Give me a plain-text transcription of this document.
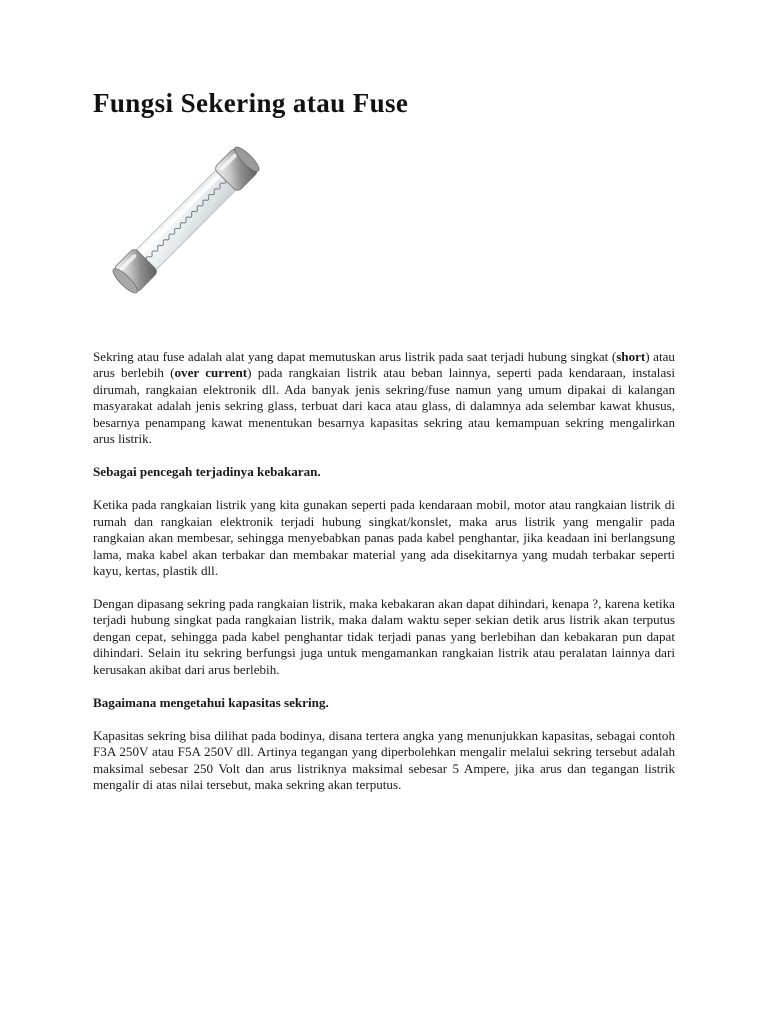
Fungsi Sekering atau Fuse

Sekring atau fuse adalah alat yang dapat memutuskan arus listrik pada saat terjadi hubung singkat (short) atau arus berlebih (over current) pada rangkaian listrik atau beban lainnya, seperti pada kendaraan, instalasi dirumah, rangkaian elektronik dll. Ada banyak jenis sekring/fuse namun yang umum dipakai di kalangan masyarakat adalah jenis sekring glass, terbuat dari kaca atau glass, di dalamnya ada selembar kawat khusus, besarnya penampang kawat menentukan besarnya kapasitas sekring atau kemampuan sekring mengalirkan arus listrik.

Sebagai pencegah terjadinya kebakaran.

Ketika pada rangkaian listrik yang kita gunakan seperti pada kendaraan mobil, motor atau rangkaian listrik di rumah dan rangkaian elektronik terjadi hubung singkat/konslet, maka arus listrik yang mengalir pada rangkaian akan membesar, sehingga menyebabkan panas pada kabel penghantar, jika keadaan ini berlangsung lama, maka kabel akan terbakar dan membakar material yang ada disekitarnya yang mudah terbakar seperti kayu, kertas, plastik dll.

Dengan dipasang sekring pada rangkaian listrik, maka kebakaran akan dapat dihindari, kenapa ?, karena ketika terjadi hubung singkat pada rangkaian listrik, maka dalam waktu seper sekian detik arus listrik akan terputus dengan cepat, sehingga pada kabel penghantar tidak terjadi panas yang berlebihan dan kebakaran pun dapat dihindari. Selain itu sekring berfungsi juga untuk mengamankan rangkaian listrik atau peralatan lainnya dari kerusakan akibat dari arus berlebih.

Bagaimana mengetahui kapasitas sekring.

Kapasitas sekring bisa dilihat pada bodinya, disana tertera angka yang menunjukkan kapasitas, sebagai contoh F3A 250V atau F5A 250V dll. Artinya tegangan yang diperbolehkan mengalir melalui sekring tersebut adalah maksimal sebesar 250 Volt dan arus listriknya maksimal sebesar 5 Ampere, jika arus dan tegangan listrik mengalir di atas nilai tersebut, maka sekring akan terputus.
